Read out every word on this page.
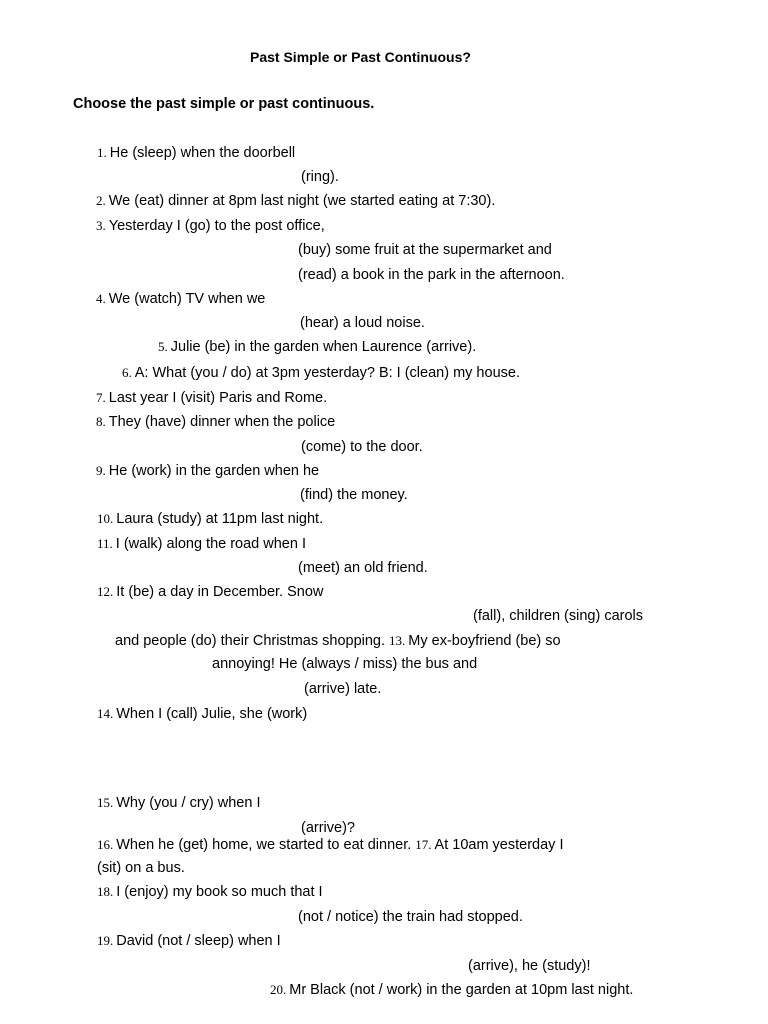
Past Simple or Past Continuous?
Choose the past simple or past continuous.
1. He (sleep) when the doorbell
(ring).
2. We (eat) dinner at 8pm last night (we started eating at 7:30).
3. Yesterday I (go) to the post office,
(buy) some fruit at the supermarket and
(read) a book in the park in the afternoon.
4. We (watch) TV when we
(hear) a loud noise.
5. Julie (be) in the garden when Laurence (arrive).
6. A: What (you / do) at 3pm yesterday? B: I (clean) my house.
7. Last year I (visit) Paris and Rome.
8. They (have) dinner when the police
(come) to the door.
9. He (work) in the garden when he
(find) the money.
10. Laura (study) at 11pm last night.
11. I (walk) along the road when I
(meet) an old friend.
12. It (be) a day in December. Snow
(fall), children (sing) carols
and people (do) their Christmas shopping. 13. My ex-boyfriend (be) so
annoying! He (always / miss) the bus and
(arrive) late.
14. When I (call) Julie, she (work)
15. Why (you / cry) when I
(arrive)?
16. When he (get) home, we started to eat dinner. 17. At 10am yesterday I
(sit) on a bus.
18. I (enjoy) my book so much that I
(not / notice) the train had stopped.
19. David (not / sleep) when I
(arrive), he (study)!
20. Mr Black (not / work) in the garden at 10pm last night.
